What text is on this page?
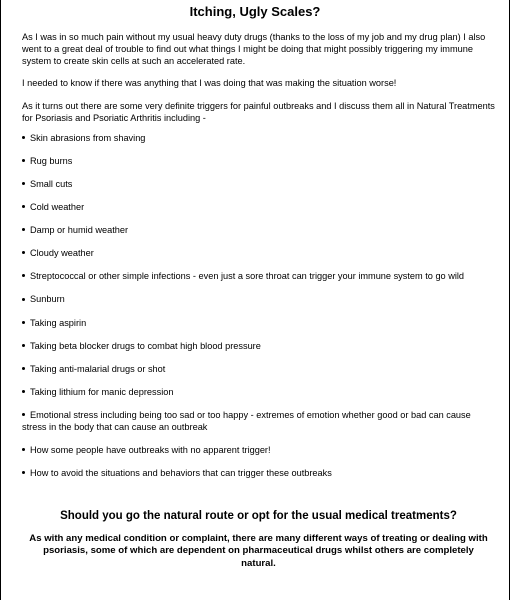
Itching, Ugly Scales?

As I was in so much pain without my usual heavy duty drugs (thanks to the loss of my job and my drug plan) I also went to a great deal of trouble to find out what things I might be doing that might possibly triggering my immune system to create skin cells at such an accelerated rate.

I needed to know if there was anything that I was doing that was making the situation worse!

As it turns out there are some very definite triggers for painful outbreaks and I discuss them all in Natural Treatments for Psoriasis and Psoriatic Arthritis including -

Skin abrasions from shaving
Rug burns
Small cuts
Cold weather
Damp or humid weather
Cloudy weather
Streptococcal or other simple infections - even just a sore throat can trigger your immune system to go wild
Sunburn
Taking aspirin
Taking beta blocker drugs to combat high blood pressure
Taking anti-malarial drugs or shot
Taking lithium for manic depression
Emotional stress including being too sad or too happy - extremes of emotion whether good or bad can cause stress in the body that can cause an outbreak
How some people have outbreaks with no apparent trigger!
How to avoid the situations and behaviors that can trigger these outbreaks
Should you go the natural route or opt for the usual medical treatments?

As with any medical condition or complaint, there are many different ways of treating or dealing with psoriasis, some of which are dependent on pharmaceutical drugs whilst others are completely natural.
